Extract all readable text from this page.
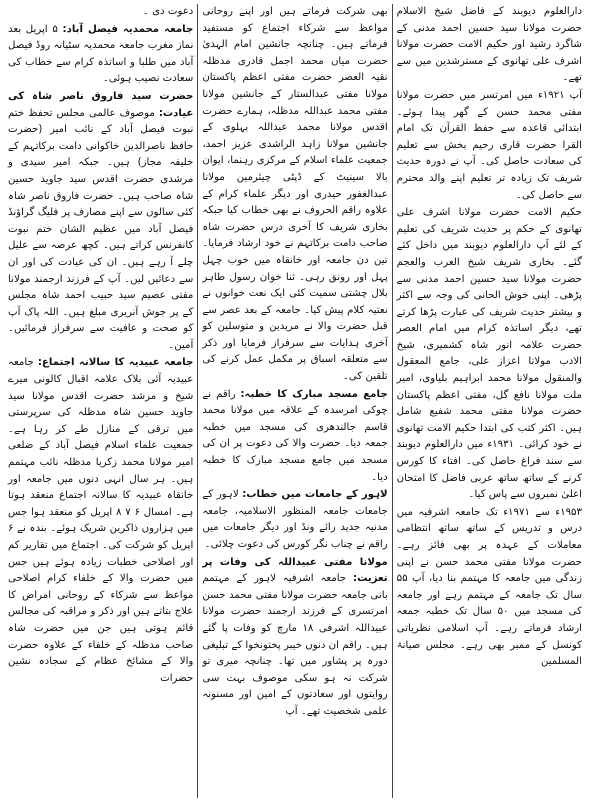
دعوت دی ۔

جامعہ محمدیہ فیصل آباد: ۵ اپریل بعد نماز مغرب جامعہ محمدیہ سٹیانہ روڈ فیصل آباد میں طلبا و اساتذہ کرام سے خطاب کی سعادت نصیب ہوئی۔

حضرت سید فاروق ناصر شاہ کی عیادت: موصوف عالمی مجلس تحفظ ختم نبوت فیصل آباد کے نائب امیر (حضرت حافظ ناصرالدین خاکوانی دامت برکاتہم کے خلیفہ مجاز) ہیں۔ جبکہ امیر سیدی و مرشدی حضرت اقدس سید جاوید حسین شاہ صاحب ہیں۔ حضرت فاروق ناصر شاہ کئی سالوں سے اپنے مصارف پر فلیگ گراؤنڈ فیصل آباد میں عظیم الشان ختم نبوت کانفرنس کراتے ہیں۔ کچھ عرصہ سے علیل چلے آ رہے ہیں۔ ان کی عیادت کی اور ان سے دعائیں لیں۔ آپ کے فرزند ارجمند مولانا مفتی عصیم سید حبیب احمد شاہ مجلس کے پر جوش آنریری مبلغ ہیں۔ اللہ پاک آپ کو صحت و عافیت سے سرفراز فرمائیں۔ آمین۔

جامعہ عبیدیہ کا سالانہ اجتماع: جامعہ عبیدیہ آئی بلاک علامہ اقبال کالونی میرے شیخ و مرشد حضرت اقدس مولانا سید جاوید حسین شاہ مدظلہ کی سرپرستی میں ترقی کے منازل طے کر رہا ہے۔ جمعیت علماء اسلام فیصل آباد کے ضلعی امیر مولانا محمد زکریا مدظلہ نائب مہتمم ہیں۔ ہر سال انہی دنوں میں جامعہ اور خانقاہ عبیدیہ کا سالانہ اجتماع منعقد ہوتا ہے۔ امسال ۶ ۷ ۸ اپریل کو منعقد ہوا جس میں ہزاروں ذاکرین شریک ہوئے۔ بندہ نے ۶ اپریل کو شرکت کی۔ اجتماع میں تقاریر کم اور اصلاحی خطبات زیادہ ہوئے ہیں جس میں حضرت والا کے خلفاء کرام اصلاحی مواعظ سے شرکاء کے روحانی امراض کا علاج بتاتے ہیں اور ذکر و مراقبہ کی مجالس قائم ہوتی ہیں جن میں حضرت شاہ صاحب مدظلہ کے خلفاء کے علاوہ حضرت والا کے مشائخ عظام کے سجادہ نشین حضرات

بھی شرکت فرماتے ہیں اور اپنے روحانی مواعظ سے شرکاء اجتماع کو مستفید فرماتے ہیں۔ چنانچہ جانشین امام الہدیٰ حضرت میاں محمد اجمل قادری مدظلہ نقیہ العصر حضرت مفتی اعظم پاکستان مولانا مفتی عبدالستار کے جانشین مولانا مفتی محمد عبداللہ مدظلہ، ہمارے حضرت اقدس مولانا محمد عبداللہ بہلوی کے جانشین مولانا زاہد الراشدی عزیز احمد، جمعیت علماء اسلام کے مرکزی رہنما، ایوان بالا سینیٹ کے ڈپٹی چیئرمین مولانا عبدالغفور حیدری اور دیگر علماء کرام کے علاوہ راقم الحروف نے بھی خطاب کیا جبکہ بخاری شریف کا آخری درس حضرت شاہ صاحب دامت برکاتہم نے خود ارشاد فرمایا۔ تین دن جامعہ اور خانقاہ میں خوب چہل پہل اور رونق رہی۔ ثنا خوان رسول طاہر بلال چشتی سمیت کئی ایک نعت خوانوں نے نعتیہ کلام پیش کیا۔ جامعہ کے بعد عصر سے قبل حضرت والا نے مریدین و متوسلین کو آخری ہدایات سے سرفراز فرمایا اور ذکر سے متعلقہ اسباق پر مکمل عمل کرنے کی تلقین کی۔

جامع مسجد مبارک کا خطبہ: راقم نے چوکی امرسدہ کے علاقہ میں مولانا محمد قاسم جالندھری کی مسجد میں خطبہ جمعہ دیا۔ حضرت والا کی دعوت پر ان کی مسجد میں جامع مسجد مبارک کا خطبہ دیا۔

لاہور کے جامعات میں خطاب: لاہور کے جامعات جامعہ المنظور الاسلامیہ، جامعہ مدنیہ جدید رائے ونڈ اور دیگر جامعات میں راقم نے چناب نگر کورس کی دعوت چلائی۔

مولانا مفتی عبیداللہ کی وفات پر تعزیت: جامعہ اشرفیہ لاہور کے مہتمم بانی جامعہ حضرت مولانا مفتی محمد حسن امرتسری کے فرزند ارجمند حضرت مولانا عبیداللہ اشرفی ۱۸ مارچ کو وفات پا گئے ہیں۔ راقم ان دنوں خیبر پختونخوا کے تبلیغی دورہ پر پشاور میں تھا۔ چنانچہ میری تو شرکت نہ ہو سکی موصوف بہت سی روایتوں اور سعادتوں کے امین اور مسنونہ علمی شخصیت تھے۔ آپ

دارالعلوم دیوبند کے فاضل شیخ الاسلام حضرت مولانا سید حسین احمد مدنی کے شاگرد رشید اور حکیم الامت حضرت مولانا اشرف علی تھانوی کے مسترشدین میں سے تھے۔

آپ ۱۹۲۱ء میں امرتسر میں حضرت مولانا مفتی محمد حسن کے گھر پیدا ہوئے۔ ابتدائی قاعدہ سے حفظ القرآن تک امام القرا حضرت قاری رحیم بخش سے تعلیم کی سعادت حاصل کی۔ آپ نے دورہ حدیث شریف تک زیادہ تر تعلیم اپنے والد محترم سے حاصل کی۔

حکیم الامت حضرت مولانا اشرف علی تھانوی کے حکم پر حدیث شریف کی تعلیم کے لئے آپ دارالعلوم دیوبند میں داخل کئے گئے۔ بخاری شریف شیخ العرب والعجم حضرت مولانا سید حسین احمد مدنی سے پڑھی۔ اپنی خوش الحانی کی وجہ سے اکثر و بیشتر حدیث شریف کی عبارت پڑھا کرتے تھے، دیگر اساتذہ کرام میں امام العصر حضرت علامہ انور شاہ کشمیری، شیخ الادب مولانا اعزاز علی، جامع المعقول والمنقول مولانا محمد ابراہیم بلیاوی، امیر ملت مولانا نافع گل، مفتی اعظم پاکستان حضرت مولانا مفتی محمد شفیع شامل ہیں۔ اکثر کتب کی ابتدا حکیم الامت تھانوی نے خود کرائی۔ ۱۹۳۱ء میں دارالعلوم دیوبند سے سند فراغ حاصل کی۔ افتاء کا کورس کرنے کے ساتھ ساتھ عربی فاضل کا امتحان اعلیٰ نمبروں سے پاس کیا۔

۱۹۵۳ء سے ۱۹۷۱ء تک جامعہ اشرفیہ میں درس و تدریس کے ساتھ ساتھ انتظامی معاملات کے عہدہ پر بھی فائز رہے۔ حضرت مولانا مفتی محمد حسن نے اپنی زندگی میں جامعہ کا مہتمم بنا دیا، آپ ۵۵ سال تک جامعہ کے مہتمم رہے اور جامعہ کی مسجد میں ۵۰ سال تک خطبہ جمعہ ارشاد فرماتے رہے۔ آپ اسلامی نظریاتی کونسل کے ممبر بھی رہے۔ مجلس صیانۃ المسلمین
